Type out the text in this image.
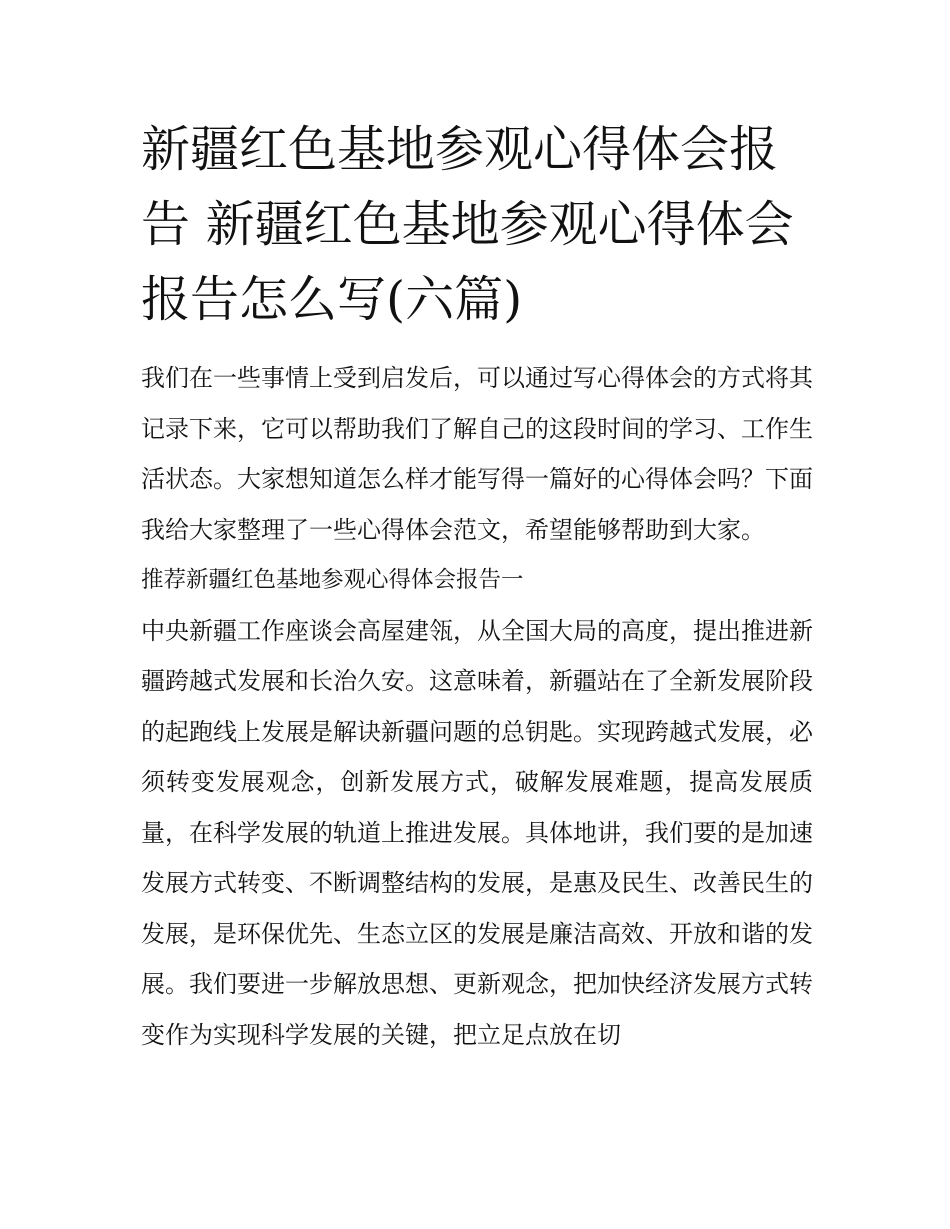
新疆红色基地参观心得体会报告 新疆红色基地参观心得体会报告怎么写(六篇)

我们在一些事情上受到启发后，可以通过写心得体会的方式将其记录下来，它可以帮助我们了解自己的这段时间的学习、工作生活状态。大家想知道怎么样才能写得一篇好的心得体会吗？下面我给大家整理了一些心得体会范文，希望能够帮助到大家。

推荐新疆红色基地参观心得体会报告一

中央新疆工作座谈会高屋建瓴，从全国大局的高度，提出推进新疆跨越式发展和长治久安。这意味着，新疆站在了全新发展阶段的起跑线上发展是解诀新疆问题的总钥匙。实现跨越式发展，必须转变发展观念，创新发展方式，破解发展难题，提高发展质量，在科学发展的轨道上推进发展。具体地讲，我们要的是加速发展方式转变、不断调整结构的发展，是惠及民生、改善民生的发展，是环保优先、生态立区的发展是廉洁高效、开放和谐的发展。我们要进一步解放思想、更新观念，把加快经济发展方式转变作为实现科学发展的关键，把立足点放在切
